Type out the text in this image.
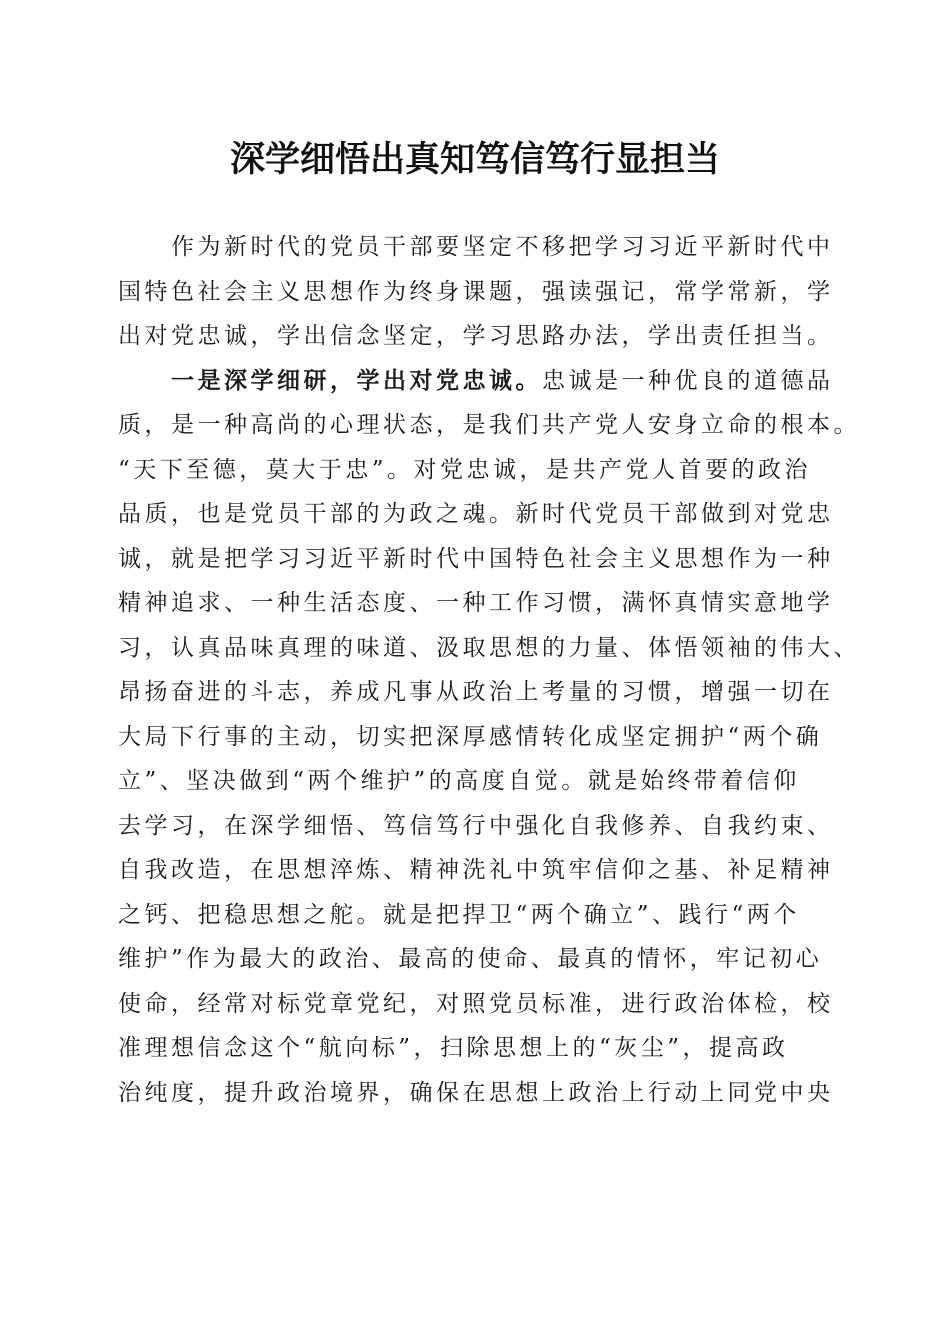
深学细悟出真知笃信笃行显担当
作为新时代的党员干部要坚定不移把学习习近平新时代中
国特色社会主义思想作为终身课题，强读强记，常学常新，学
出对党忠诚，学出信念坚定，学习思路办法，学出责任担当。
一是深学细研，学出对党忠诚。忠诚是一种优良的道德品
质，是一种高尚的心理状态，是我们共产党人安身立命的根本。
“天下至德，莫大于忠”。对党忠诚，是共产党人首要的政治
品质，也是党员干部的为政之魂。新时代党员干部做到对党忠
诚，就是把学习习近平新时代中国特色社会主义思想作为一种
精神追求、一种生活态度、一种工作习惯，满怀真情实意地学
习，认真品味真理的味道、汲取思想的力量、体悟领袖的伟大、
昂扬奋进的斗志，养成凡事从政治上考量的习惯，增强一切在
大局下行事的主动，切实把深厚感情转化成坚定拥护“两个确
立”、坚决做到“两个维护”的高度自觉。就是始终带着信仰
去学习，在深学细悟、笃信笃行中强化自我修养、自我约束、
自我改造，在思想淬炼、精神洗礼中筑牢信仰之基、补足精神
之钙、把稳思想之舵。就是把捍卫“两个确立”、践行“两个
维护”作为最大的政治、最高的使命、最真的情怀，牢记初心
使命，经常对标党章党纪，对照党员标准，进行政治体检，校
准理想信念这个“航向标”，扫除思想上的“灰尘”，提高政
治纯度，提升政治境界，确保在思想上政治上行动上同党中央
